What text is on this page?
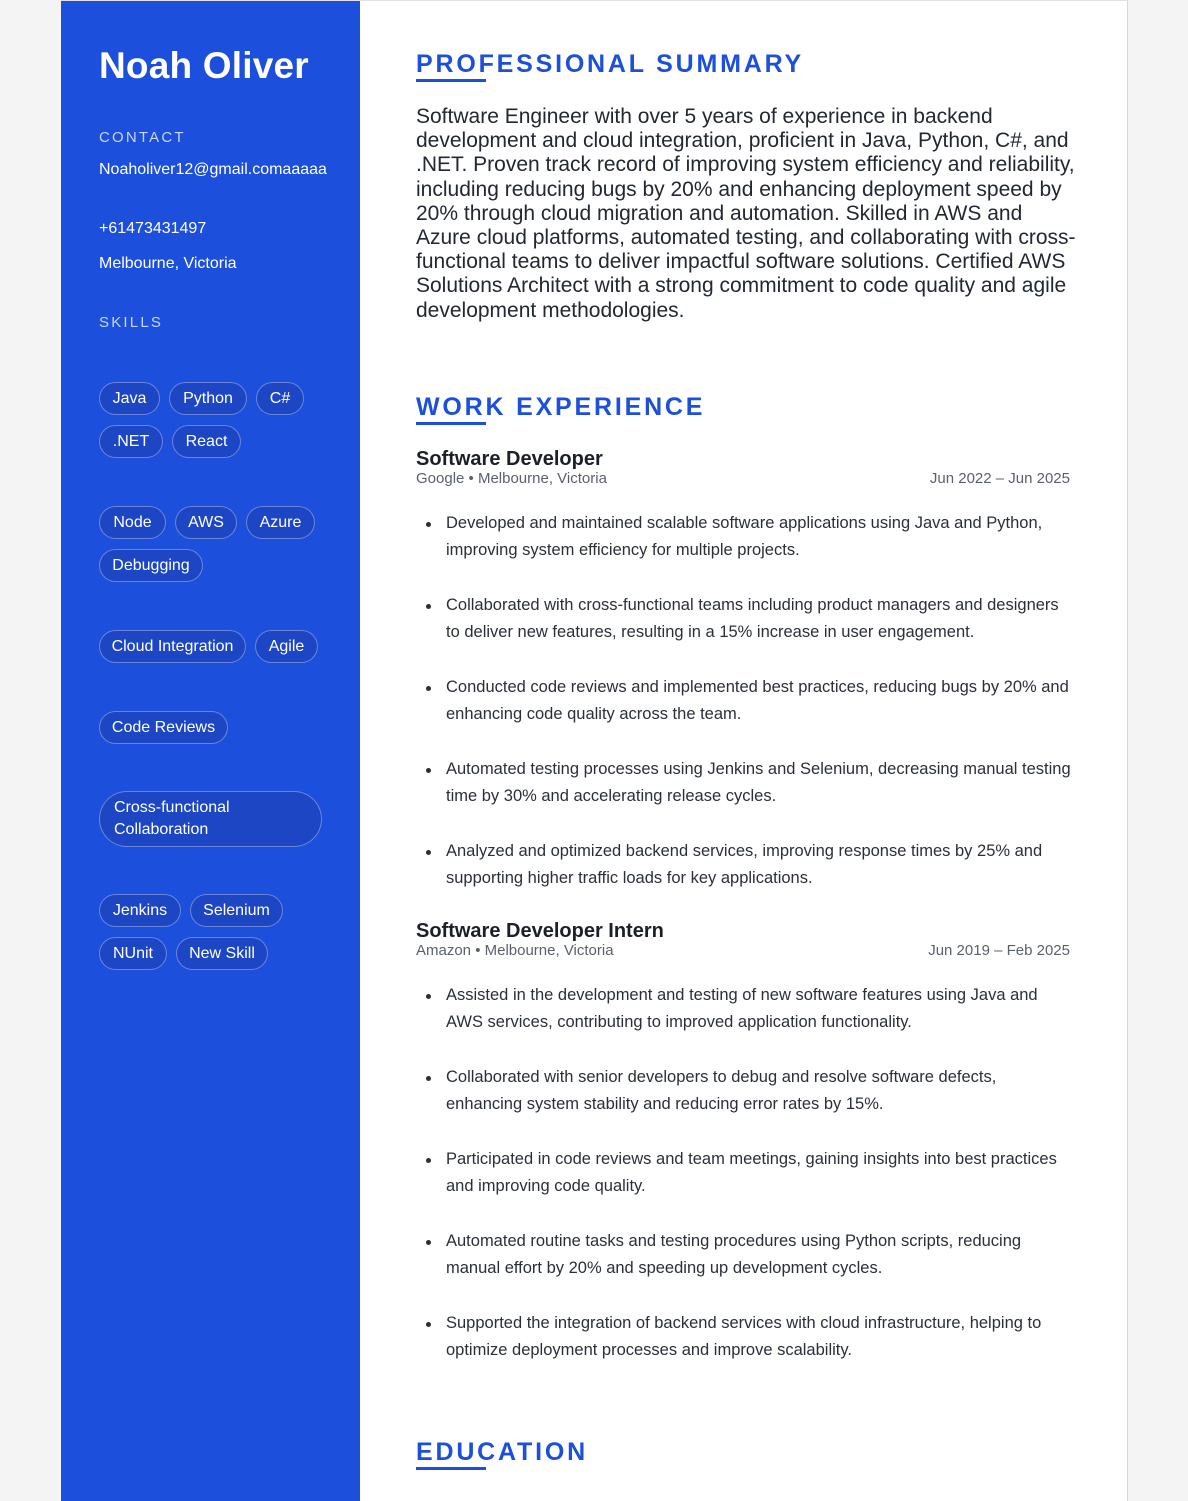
Noah Oliver
CONTACT
Noaholiver12@gmail.comaaaaa
+61473431497
Melbourne, Victoria
SKILLS
Java	Python	C#
.NET	React
Node	AWS	Azure
Debugging
Cloud Integration	Agile
Code Reviews
Cross-functional Collaboration
Jenkins	Selenium
NUnit	New Skill
PROFESSIONAL SUMMARY
Software Engineer with over 5 years of experience in backend development and cloud integration, proficient in Java, Python, C#, and .NET. Proven track record of improving system efficiency and reliability, including reducing bugs by 20% and enhancing deployment speed by 20% through cloud migration and automation. Skilled in AWS and Azure cloud platforms, automated testing, and collaborating with cross-functional teams to deliver impactful software solutions. Certified AWS Solutions Architect with a strong commitment to code quality and agile development methodologies.
WORK EXPERIENCE
Software Developer
Google • Melbourne, Victoria	Jun 2022 – Jun 2025
Developed and maintained scalable software applications using Java and Python, improving system efficiency for multiple projects.
Collaborated with cross-functional teams including product managers and designers to deliver new features, resulting in a 15% increase in user engagement.
Conducted code reviews and implemented best practices, reducing bugs by 20% and enhancing code quality across the team.
Automated testing processes using Jenkins and Selenium, decreasing manual testing time by 30% and accelerating release cycles.
Analyzed and optimized backend services, improving response times by 25% and supporting higher traffic loads for key applications.
Software Developer Intern
Amazon • Melbourne, Victoria	Jun 2019 – Feb 2025
Assisted in the development and testing of new software features using Java and AWS services, contributing to improved application functionality.
Collaborated with senior developers to debug and resolve software defects, enhancing system stability and reducing error rates by 15%.
Participated in code reviews and team meetings, gaining insights into best practices and improving code quality.
Automated routine tasks and testing procedures using Python scripts, reducing manual effort by 20% and speeding up development cycles.
Supported the integration of backend services with cloud infrastructure, helping to optimize deployment processes and improve scalability.
EDUCATION
